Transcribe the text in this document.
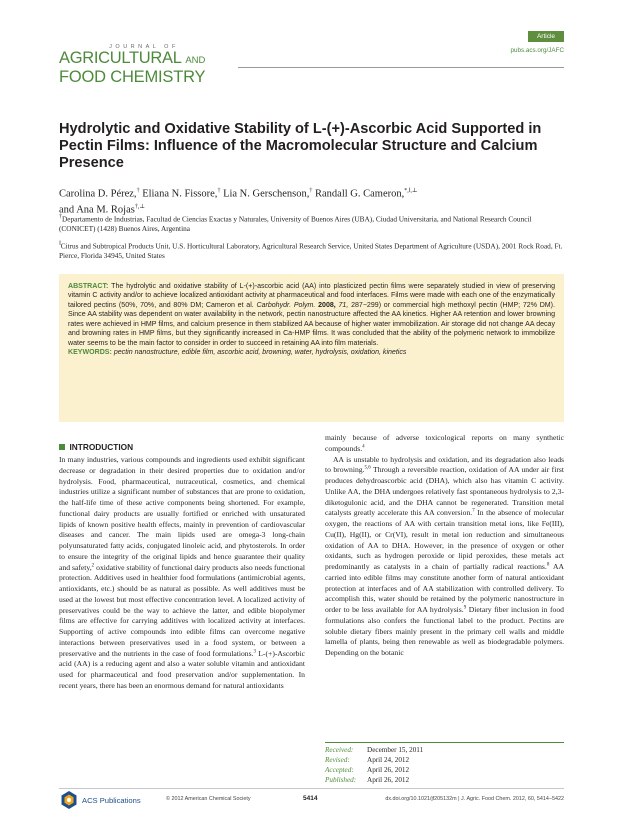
JOURNAL OF
AGRICULTURAL AND
FOOD CHEMISTRY
Article
pubs.acs.org/JAFC
Hydrolytic and Oxidative Stability of L-(+)-Ascorbic Acid Supported in Pectin Films: Influence of the Macromolecular Structure and Calcium Presence
Carolina D. Pérez,† Eliana N. Fissore,† Lia N. Gerschenson,† Randall G. Cameron,*,‖,⊥
and Ana M. Rojas†,⊥
†Departamento de Industrias, Facultad de Ciencias Exactas y Naturales, University of Buenos Aires (UBA), Ciudad Universitaria, and National Research Council (CONICET) (1428) Buenos Aires, Argentina
‖Citrus and Subtropical Products Unit, U.S. Horticultural Laboratory, Agricultural Research Service, United States Department of Agriculture (USDA), 2001 Rock Road, Ft. Pierce, Florida 34945, United States
ABSTRACT: The hydrolytic and oxidative stability of L-(+)-ascorbic acid (AA) into plasticized pectin films were separately studied in view of preserving vitamin C activity and/or to achieve localized antioxidant activity at pharmaceutical and food interfaces. Films were made with each one of the enzymatically tailored pectins (50%, 70%, and 80% DM; Cameron et al. Carbohydr. Polym. 2008, 71, 287−299) or commercial high methoxyl pectin (HMP; 72% DM). Since AA stability was dependent on water availability in the network, pectin nanostructure affected the AA kinetics. Higher AA retention and lower browning rates were achieved in HMP films, and calcium presence in them stabilized AA because of higher water immobilization. Air storage did not change AA decay and browning rates in HMP films, but they significantly increased in Ca-HMP films. It was concluded that the ability of the polymeric network to immobilize water seems to be the main factor to consider in order to succeed in retaining AA into film materials.
KEYWORDS: pectin nanostructure, edible film, ascorbic acid, browning, water, hydrolysis, oxidation, kinetics
INTRODUCTION

In many industries, various compounds and ingredients used exhibit significant decrease or degradation in their desired properties due to oxidation and/or hydrolysis. Food, pharmaceutical, nutraceutical, cosmetics, and chemical industries utilize a significant number of substances that are prone to oxidation, the half-life time of these active components being shortened. For example, functional dairy products are usually fortified or enriched with unsaturated lipids of known positive health effects, mainly in prevention of cardiovascular diseases and cancer. The main lipids used are omega-3 long-chain polyunsaturated fatty acids, conjugated linoleic acid, and phytosterols. In order to ensure the integrity of the original lipids and hence guarantee their quality and safety,$^2$ oxidative stability of functional dairy products also needs functional protection. Additives used in healthier food formulations (antimicrobial agents, antioxidants, etc.) should be as natural as possible. As well additives must be used at the lowest but most effective concentration level. A localized activity of preservatives could be the way to achieve the latter, and edible biopolymer films are effective for carrying additives with localized activity at interfaces. Supporting of active compounds into edible films can overcome negative interactions between preservatives used in a food system, or between a preservative and the nutrients in the case of food formulations.$^3$ L-(+)-Ascorbic acid (AA) is a reducing agent and also a water soluble vitamin and antioxidant used for pharmaceutical and food preservation and/or supplementation. In recent years, there has been an enormous demand for natural antioxidants

mainly because of adverse toxicological reports on many synthetic compounds.$^4$

AA is unstable to hydrolysis and oxidation, and its degradation also leads to browning.$^{5,6}$ Through a reversible reaction, oxidation of AA under air first produces dehydroascorbic acid (DHA), which also has vitamin C activity. Unlike AA, the DHA undergoes relatively fast spontaneous hydrolysis to 2,3-diketogulonic acid, and the DHA cannot be regenerated. Transition metal catalysts greatly accelerate this AA conversion.$^7$ In the absence of molecular oxygen, the reactions of AA with certain transition metal ions, like Fe(III), Cu(II), Hg(II), or Cr(VI), result in metal ion reduction and simultaneous oxidation of AA to DHA. However, in the presence of oxygen or other oxidants, such as hydrogen peroxide or lipid peroxides, these metals act predominantly as catalysts in a chain of partially radical reactions.$^8$ AA carried into edible films may constitute another form of natural antioxidant protection at interfaces and of AA stabilization with controlled delivery. To accomplish this, water should be retained by the polymeric nanostructure in order to be less available for AA hydrolysis.$^9$ Dietary fiber inclusion in food formulations also confers the functional label to the product. Pectins are soluble dietary fibers mainly present in the primary cell walls and middle lamella of plants, being then renewable as well as biodegradable polymers. Depending on the botanic

Received:	December 15, 2011
Revised:	April 24, 2012
Accepted:	April 26, 2012
Published:	April 26, 2012
ACS Publications	© 2012 American Chemical Society	5414	dx.doi.org/10.1021/jf205132m | J. Agric. Food Chem. 2012, 60, 5414−5422
